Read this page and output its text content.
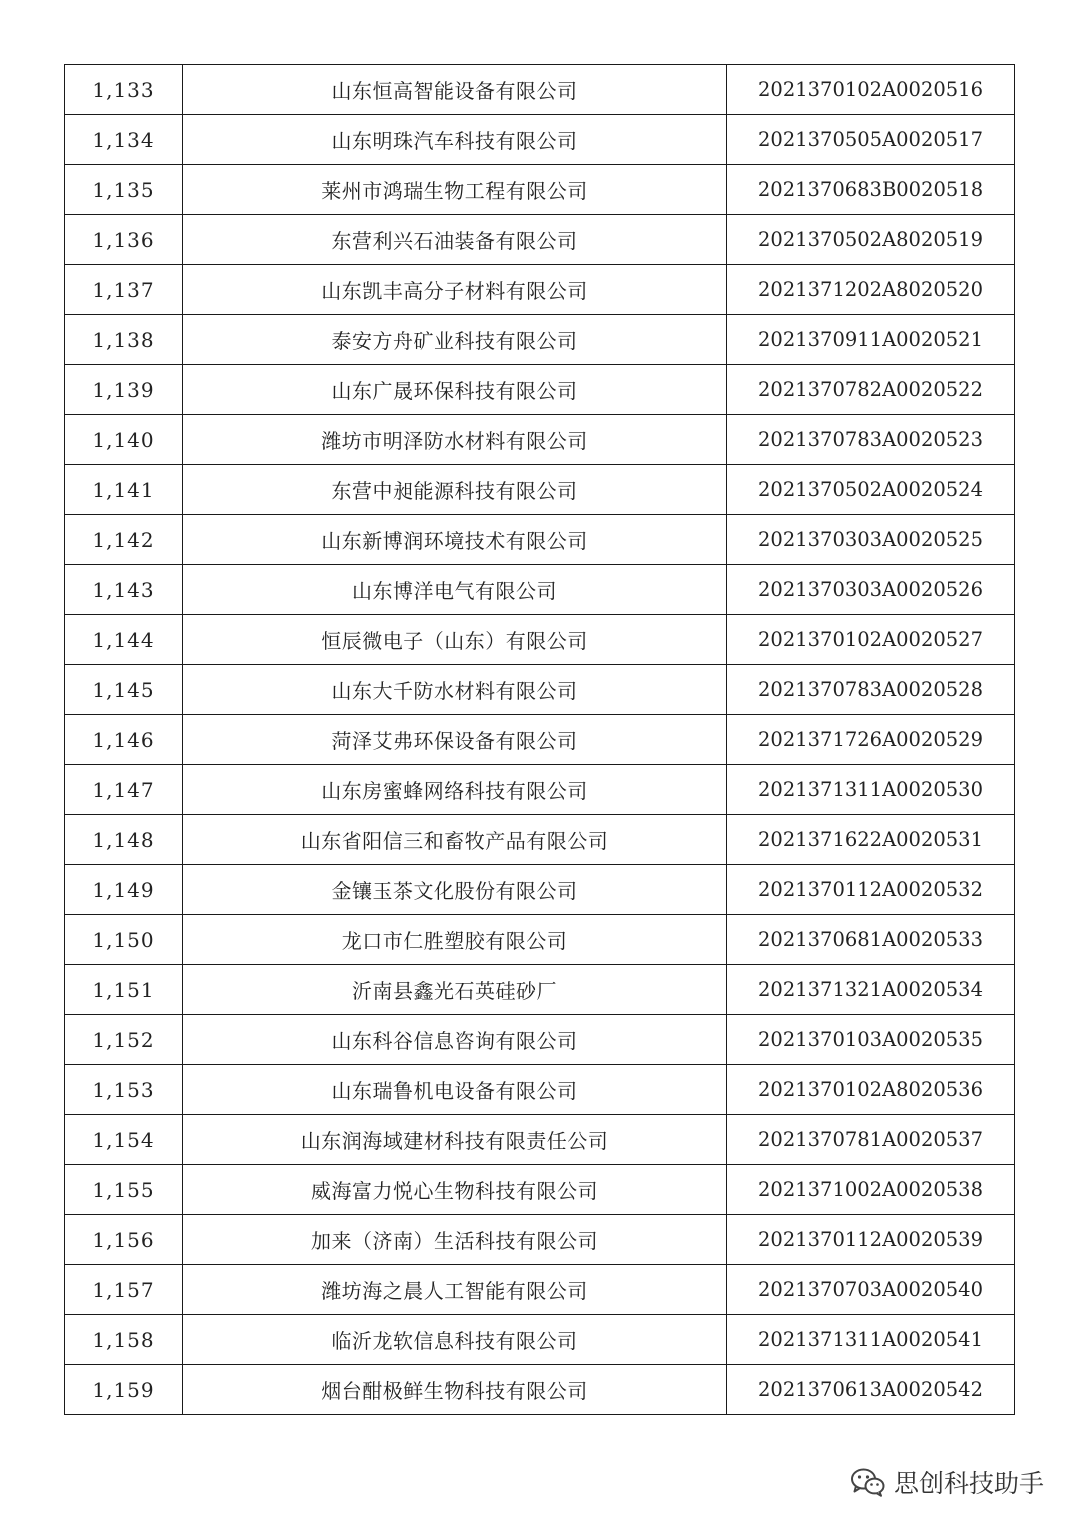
1,133	山东恒高智能设备有限公司	2021370102A0020516
1,134	山东明珠汽车科技有限公司	2021370505A0020517
1,135	莱州市鸿瑞生物工程有限公司	2021370683B0020518
1,136	东营利兴石油装备有限公司	2021370502A8020519
1,137	山东凯丰高分子材料有限公司	2021371202A8020520
1,138	泰安方舟矿业科技有限公司	2021370911A0020521
1,139	山东广晟环保科技有限公司	2021370782A0020522
1,140	潍坊市明泽防水材料有限公司	2021370783A0020523
1,141	东营中昶能源科技有限公司	2021370502A0020524
1,142	山东新博润环境技术有限公司	2021370303A0020525
1,143	山东博洋电气有限公司	2021370303A0020526
1,144	恒辰微电子（山东）有限公司	2021370102A0020527
1,145	山东大千防水材料有限公司	2021370783A0020528
1,146	菏泽艾弗环保设备有限公司	2021371726A0020529
1,147	山东房蜜蜂网络科技有限公司	2021371311A0020530
1,148	山东省阳信三和畜牧产品有限公司	2021371622A0020531
1,149	金镶玉茶文化股份有限公司	2021370112A0020532
1,150	龙口市仁胜塑胶有限公司	2021370681A0020533
1,151	沂南县鑫光石英硅砂厂	2021371321A0020534
1,152	山东科谷信息咨询有限公司	2021370103A0020535
1,153	山东瑞鲁机电设备有限公司	2021370102A8020536
1,154	山东润海域建材科技有限责任公司	2021370781A0020537
1,155	威海富力悦心生物科技有限公司	2021371002A0020538
1,156	加来（济南）生活科技有限公司	2021370112A0020539
1,157	潍坊海之晨人工智能有限公司	2021370703A0020540
1,158	临沂龙软信息科技有限公司	2021371311A0020541
1,159	烟台酣极鲜生物科技有限公司	2021370613A0020542
思创科技助手
